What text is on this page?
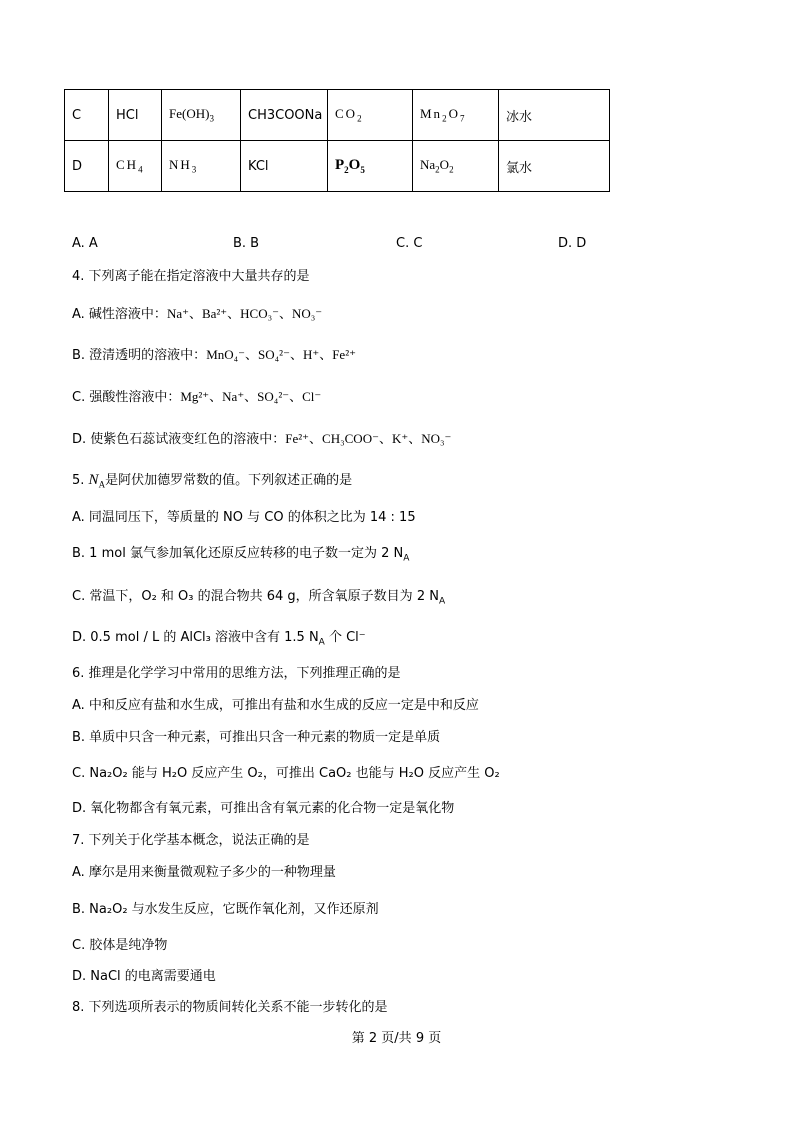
C	HCl	$Fe(OH)_3$	CH3COONa	$CO_2$	$Mn_2O_7$	冰水
D	$CH_4$	$NH_3$	KCl	$P_2O_5$	$Na_2O_2$	氯水
A. A	B. B	C. C	D. D
4. 下列离子能在指定溶液中大量共存的是
A. 碱性溶液中：Na⁺、Ba²⁺、HCO₃⁻、NO₃⁻
B. 澄清透明的溶液中：MnO₄⁻、SO₄²⁻、H⁺、Fe²⁺
C. 强酸性溶液中：Mg²⁺、Na⁺、SO₄²⁻、Cl⁻
D. 使紫色石蕊试液变红色的溶液中：Fe²⁺、CH₃COO⁻、K⁺、NO₃⁻
5. $N_A$是阿伏加德罗常数的值。下列叙述正确的是
A. 同温同压下，等质量的 NO 与 CO 的体积之比为 14 : 15
B. 1 mol 氯气参加氧化还原反应转移的电子数一定为 2 $N_A$
C. 常温下，O₂ 和 O₃ 的混合物共 64 g，所含氧原子数目为 2 $N_A$
D. 0.5 mol / L 的 AlCl₃ 溶液中含有 1.5 $N_A$ 个 Cl⁻
6. 推理是化学学习中常用的思维方法，下列推理正确的是
A. 中和反应有盐和水生成，可推出有盐和水生成的反应一定是中和反应
B. 单质中只含一种元素，可推出只含一种元素的物质一定是单质
C. Na₂O₂ 能与 H₂O 反应产生 O₂，可推出 CaO₂ 也能与 H₂O 反应产生 O₂
D. 氧化物都含有氧元素，可推出含有氧元素的化合物一定是氧化物
7. 下列关于化学基本概念，说法正确的是
A. 摩尔是用来衡量微观粒子多少的一种物理量
B. Na₂O₂ 与水发生反应，它既作氧化剂，又作还原剂
C. 胶体是纯净物
D. NaCl 的电离需要通电
8. 下列选项所表示的物质间转化关系不能一步转化的是
第 2 页/共 9 页
